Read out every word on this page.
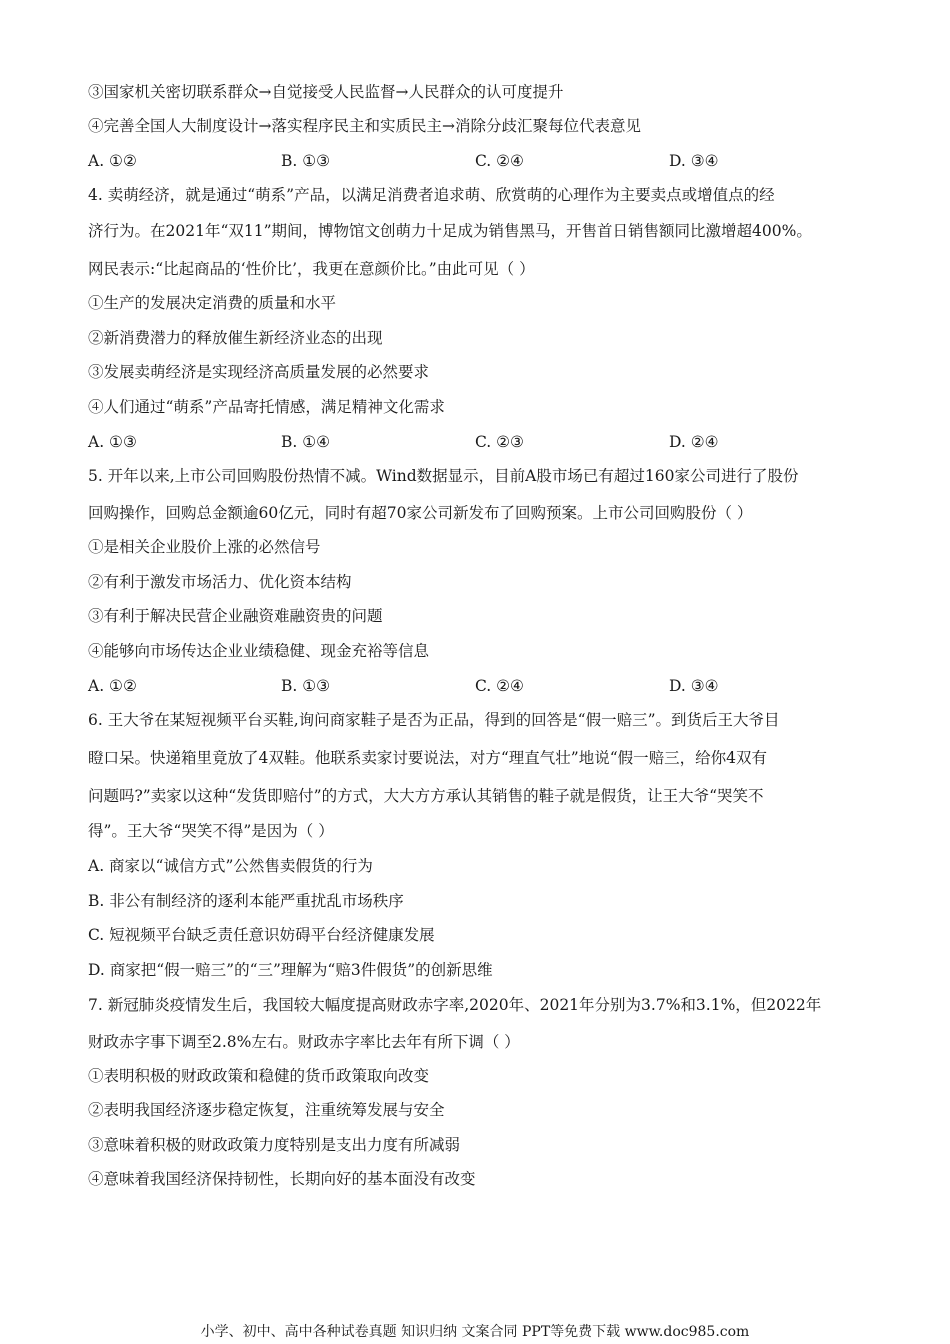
③国家机关密切联系群众→自觉接受人民监督→人民群众的认可度提升
④完善全国人大制度设计→落实程序民主和实质民主→消除分歧汇聚每位代表意见
A. ①②	B. ①③	C. ②④	D. ③④
4. 卖萌经济，就是通过“萌系”产品，以满足消费者追求萌、欣赏萌的心理作为主要卖点或增值点的经
济行为。在2021年“双11”期间，博物馆文创萌力十足成为销售黑马，开售首日销售额同比激增超400%。
网民表示:“比起商品的‘性价比’，我更在意颜价比。”由此可见（ ）
①生产的发展决定消费的质量和水平
②新消费潜力的释放催生新经济业态的出现
③发展卖萌经济是实现经济高质量发展的必然要求
④人们通过“萌系”产品寄托情感，满足精神文化需求
A. ①③	B. ①④	C. ②③	D. ②④
5. 开年以来,上市公司回购股份热情不减。Wind数据显示，目前A股市场已有超过160家公司进行了股份
回购操作，回购总金额逾60亿元，同时有超70家公司新发布了回购预案。上市公司回购股份（ ）
①是相关企业股价上涨的必然信号
②有利于激发市场活力、优化资本结构
③有利于解决民营企业融资难融资贵的问题
④能够向市场传达企业业绩稳健、现金充裕等信息
A. ①②	B. ①③	C. ②④	D. ③④
6. 王大爷在某短视频平台买鞋,询问商家鞋子是否为正品，得到的回答是“假一赔三”。到货后王大爷目
瞪口呆。快递箱里竟放了4双鞋。他联系卖家讨要说法，对方“理直气壮”地说“假一赔三，给你4双有
问题吗?”卖家以这种“发货即赔付”的方式，大大方方承认其销售的鞋子就是假货，让王大爷“哭笑不
得”。王大爷“哭笑不得”是因为（ ）
A. 商家以“诚信方式”公然售卖假货的行为
B. 非公有制经济的逐利本能严重扰乱市场秩序
C. 短视频平台缺乏责任意识妨碍平台经济健康发展
D. 商家把“假一赔三”的“三”理解为“赔3件假货”的创新思维
7. 新冠肺炎疫情发生后，我国较大幅度提高财政赤字率,2020年、2021年分别为3.7%和3.1%，但2022年
财政赤字事下调至2.8%左右。财政赤字率比去年有所下调（ ）
①表明积极的财政政策和稳健的货币政策取向改变
②表明我国经济逐步稳定恢复，注重统筹发展与安全
③意味着积极的财政政策力度特别是支出力度有所减弱
④意味着我国经济保持韧性，长期向好的基本面没有改变
小学、初中、高中各种试卷真题 知识归纳 文案合同 PPT等免费下载 www.doc985.com
